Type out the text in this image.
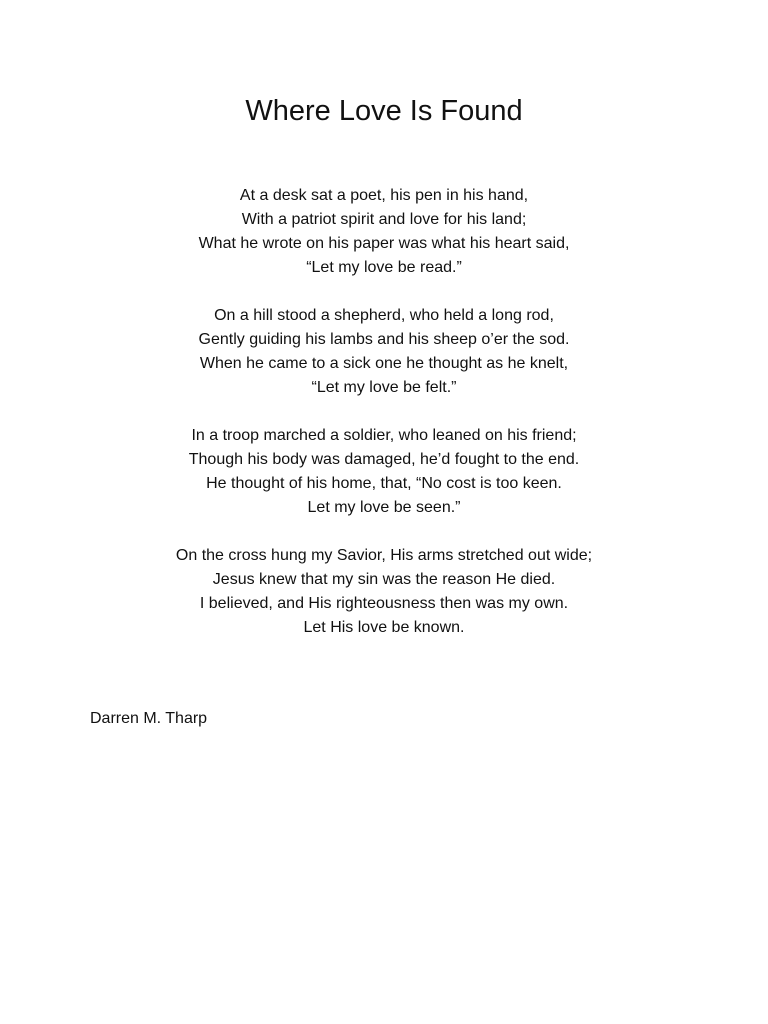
Where Love Is Found
At a desk sat a poet, his pen in his hand,
With a patriot spirit and love for his land;
What he wrote on his paper was what his heart said,
“Let my love be read.”
On a hill stood a shepherd, who held a long rod,
Gently guiding his lambs and his sheep o’er the sod.
When he came to a sick one he thought as he knelt,
“Let my love be felt.”
In a troop marched a soldier, who leaned on his friend;
Though his body was damaged, he’d fought to the end.
He thought of his home, that, “No cost is too keen.
Let my love be seen.”
On the cross hung my Savior, His arms stretched out wide;
Jesus knew that my sin was the reason He died.
I believed, and His righteousness then was my own.
Let His love be known.
Darren M. Tharp
